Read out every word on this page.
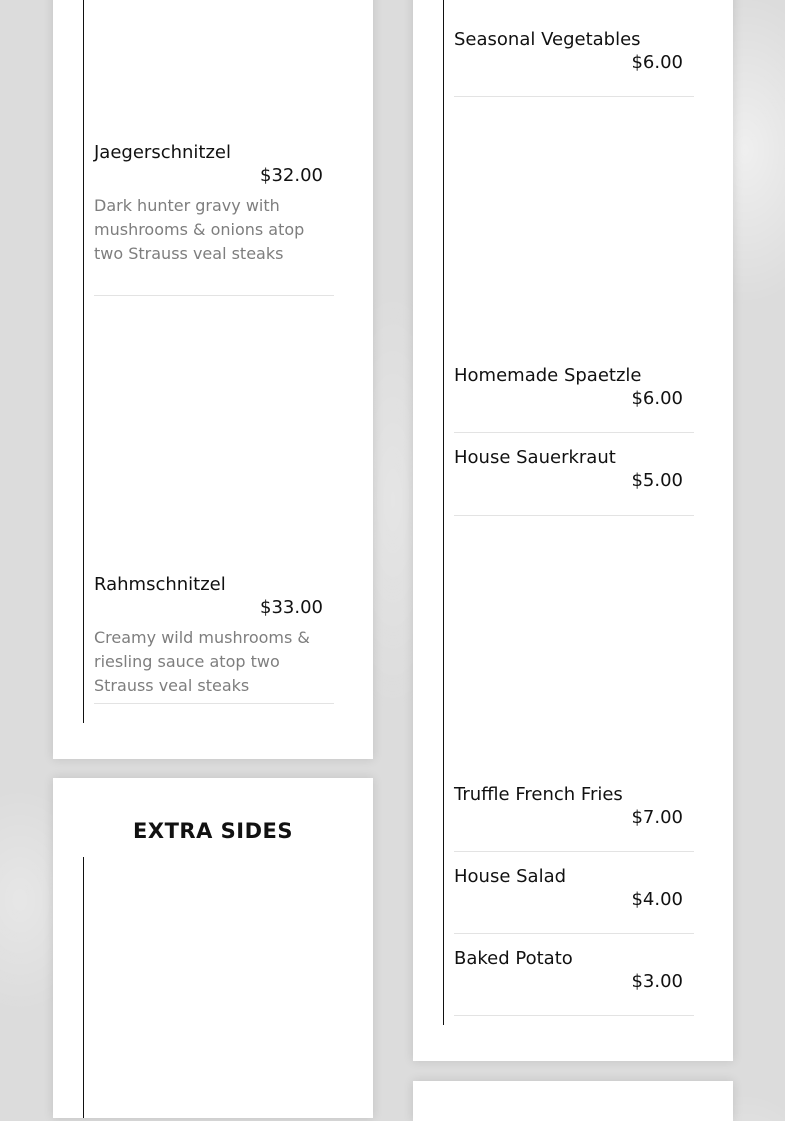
Jaegerschnitzel
$32.00
Dark hunter gravy with mushrooms & onions atop two Strauss veal steaks
Rahmschnitzel
$33.00
Creamy wild mushrooms & riesling sauce atop two Strauss veal steaks
EXTRA SIDES
Seasonal Vegetables
$6.00
Homemade Spaetzle
$6.00
House Sauerkraut
$5.00
Truffle French Fries
$7.00
House Salad
$4.00
Baked Potato
$3.00
